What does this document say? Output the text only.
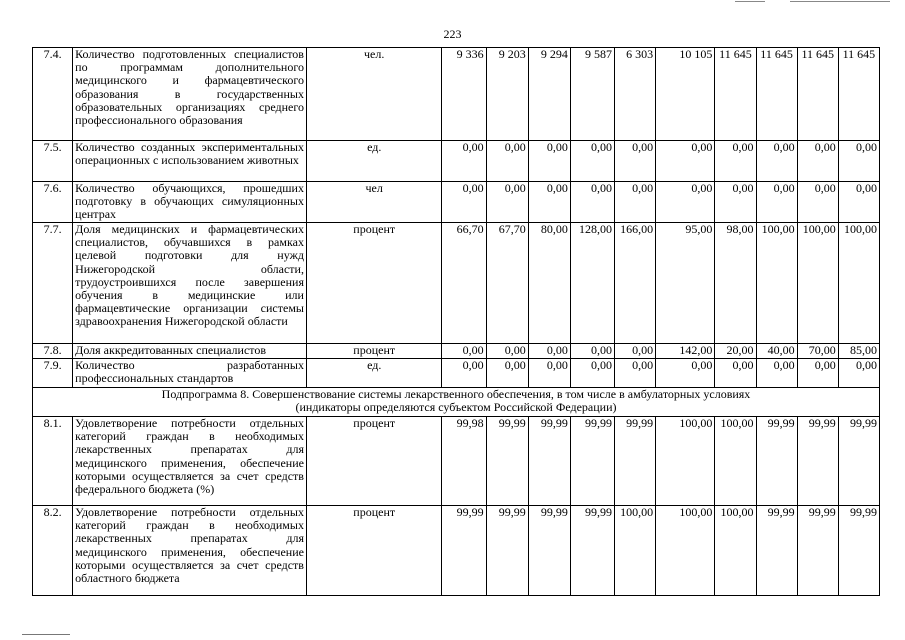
223
7.4.	Количество подготовленных специалистов по программам дополнительного медицинского и фармацевтического образования в государственных образовательных организациях среднего профессионального образования	чел.	9 336	9 203	9 294	9 587	6 303	10 105	11 645	11 645	11 645	11 645
7.5.	Количество созданных экспериментальных операционных с использованием животных	ед.	0,00	0,00	0,00	0,00	0,00	0,00	0,00	0,00	0,00	0,00
7.6.	Количество обучающихся, прошедших подготовку в обучающих симуляционных центрах	чел	0,00	0,00	0,00	0,00	0,00	0,00	0,00	0,00	0,00	0,00
7.7.	Доля медицинских и фармацевтических специалистов, обучавшихся в рамках целевой подготовки для нужд Нижегородской области, трудоустроившихся после завершения обучения в медицинские или фармацевтические организации системы здравоохранения Нижегородской области	процент	66,70	67,70	80,00	128,00	166,00	95,00	98,00	100,00	100,00	100,00
7.8.	Доля аккредитованных специалистов	процент	0,00	0,00	0,00	0,00	0,00	142,00	20,00	40,00	70,00	85,00
7.9.	Количество разработанных профессиональных стандартов	ед.	0,00	0,00	0,00	0,00	0,00	0,00	0,00	0,00	0,00	0,00
Подпрограмма 8. Совершенствование системы лекарственного обеспечения, в том числе в амбулаторных условиях
(индикаторы определяются субъектом Российской Федерации)												
8.1.	Удовлетворение потребности отдельных категорий граждан в необходимых лекарственных препаратах для медицинского применения, обеспечение которыми осуществляется за счет средств федерального бюджета (%)	процент	99,98	99,99	99,99	99,99	99,99	100,00	100,00	99,99	99,99	99,99
8.2.	Удовлетворение потребности отдельных категорий граждан в необходимых лекарственных препаратах для медицинского применения, обеспечение которыми осуществляется за счет средств областного бюджета	процент	99,99	99,99	99,99	99,99	100,00	100,00	100,00	99,99	99,99	99,99
